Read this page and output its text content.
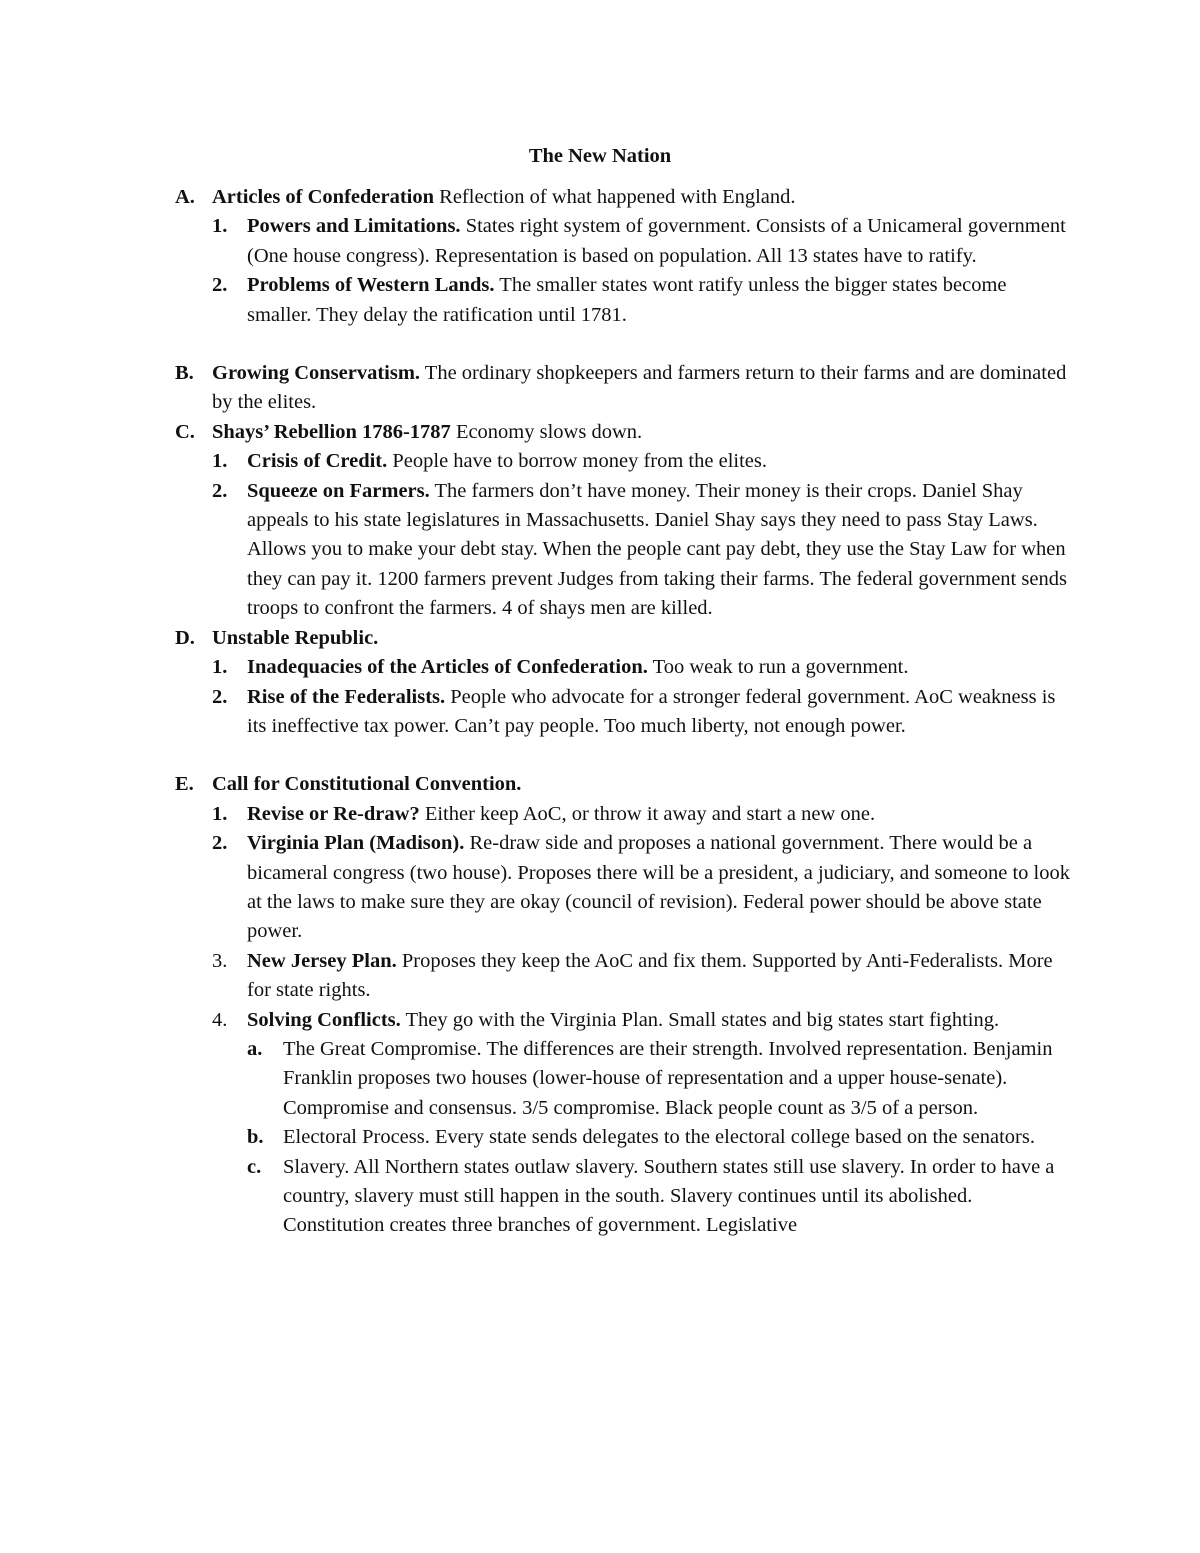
The New Nation

A. Articles of Confederation Reflection of what happened with England.

1. Powers and Limitations. States right system of government. Consists of a Unicameral government (One house congress). Representation is based on population. All 13 states have to ratify.

2. Problems of Western Lands. The smaller states wont ratify unless the bigger states become smaller. They delay the ratification until 1781.

B. Growing Conservatism. The ordinary shopkeepers and farmers return to their farms and are dominated by the elites.

C. Shays’ Rebellion 1786-1787 Economy slows down.

1. Crisis of Credit. People have to borrow money from the elites.

2. Squeeze on Farmers. The farmers don’t have money. Their money is their crops. Daniel Shay appeals to his state legislatures in Massachusetts. Daniel Shay says they need to pass Stay Laws. Allows you to make your debt stay. When the people cant pay debt, they use the Stay Law for when they can pay it. 1200 farmers prevent Judges from taking their farms. The federal government sends troops to confront the farmers. 4 of shays men are killed.

D. Unstable Republic.

1. Inadequacies of the Articles of Confederation. Too weak to run a government.

2. Rise of the Federalists. People who advocate for a stronger federal government. AoC weakness is its ineffective tax power. Can’t pay people. Too much liberty, not enough power.

E. Call for Constitutional Convention.

1. Revise or Re-draw? Either keep AoC, or throw it away and start a new one.

2. Virginia Plan (Madison). Re-draw side and proposes a national government. There would be a bicameral congress (two house). Proposes there will be a president, a judiciary, and someone to look at the laws to make sure they are okay (council of revision). Federal power should be above state power.

3. New Jersey Plan. Proposes they keep the AoC and fix them. Supported by Anti-Federalists. More for state rights.

4. Solving Conflicts. They go with the Virginia Plan. Small states and big states start fighting.

a. The Great Compromise. The differences are their strength. Involved representation. Benjamin Franklin proposes two houses (lower-house of representation and a upper house-senate). Compromise and consensus. 3/5 compromise. Black people count as 3/5 of a person.

b. Electoral Process. Every state sends delegates to the electoral college based on the senators.

c. Slavery. All Northern states outlaw slavery. Southern states still use slavery. In order to have a country, slavery must still happen in the south. Slavery continues until its abolished. Constitution creates three branches of government. Legislative
